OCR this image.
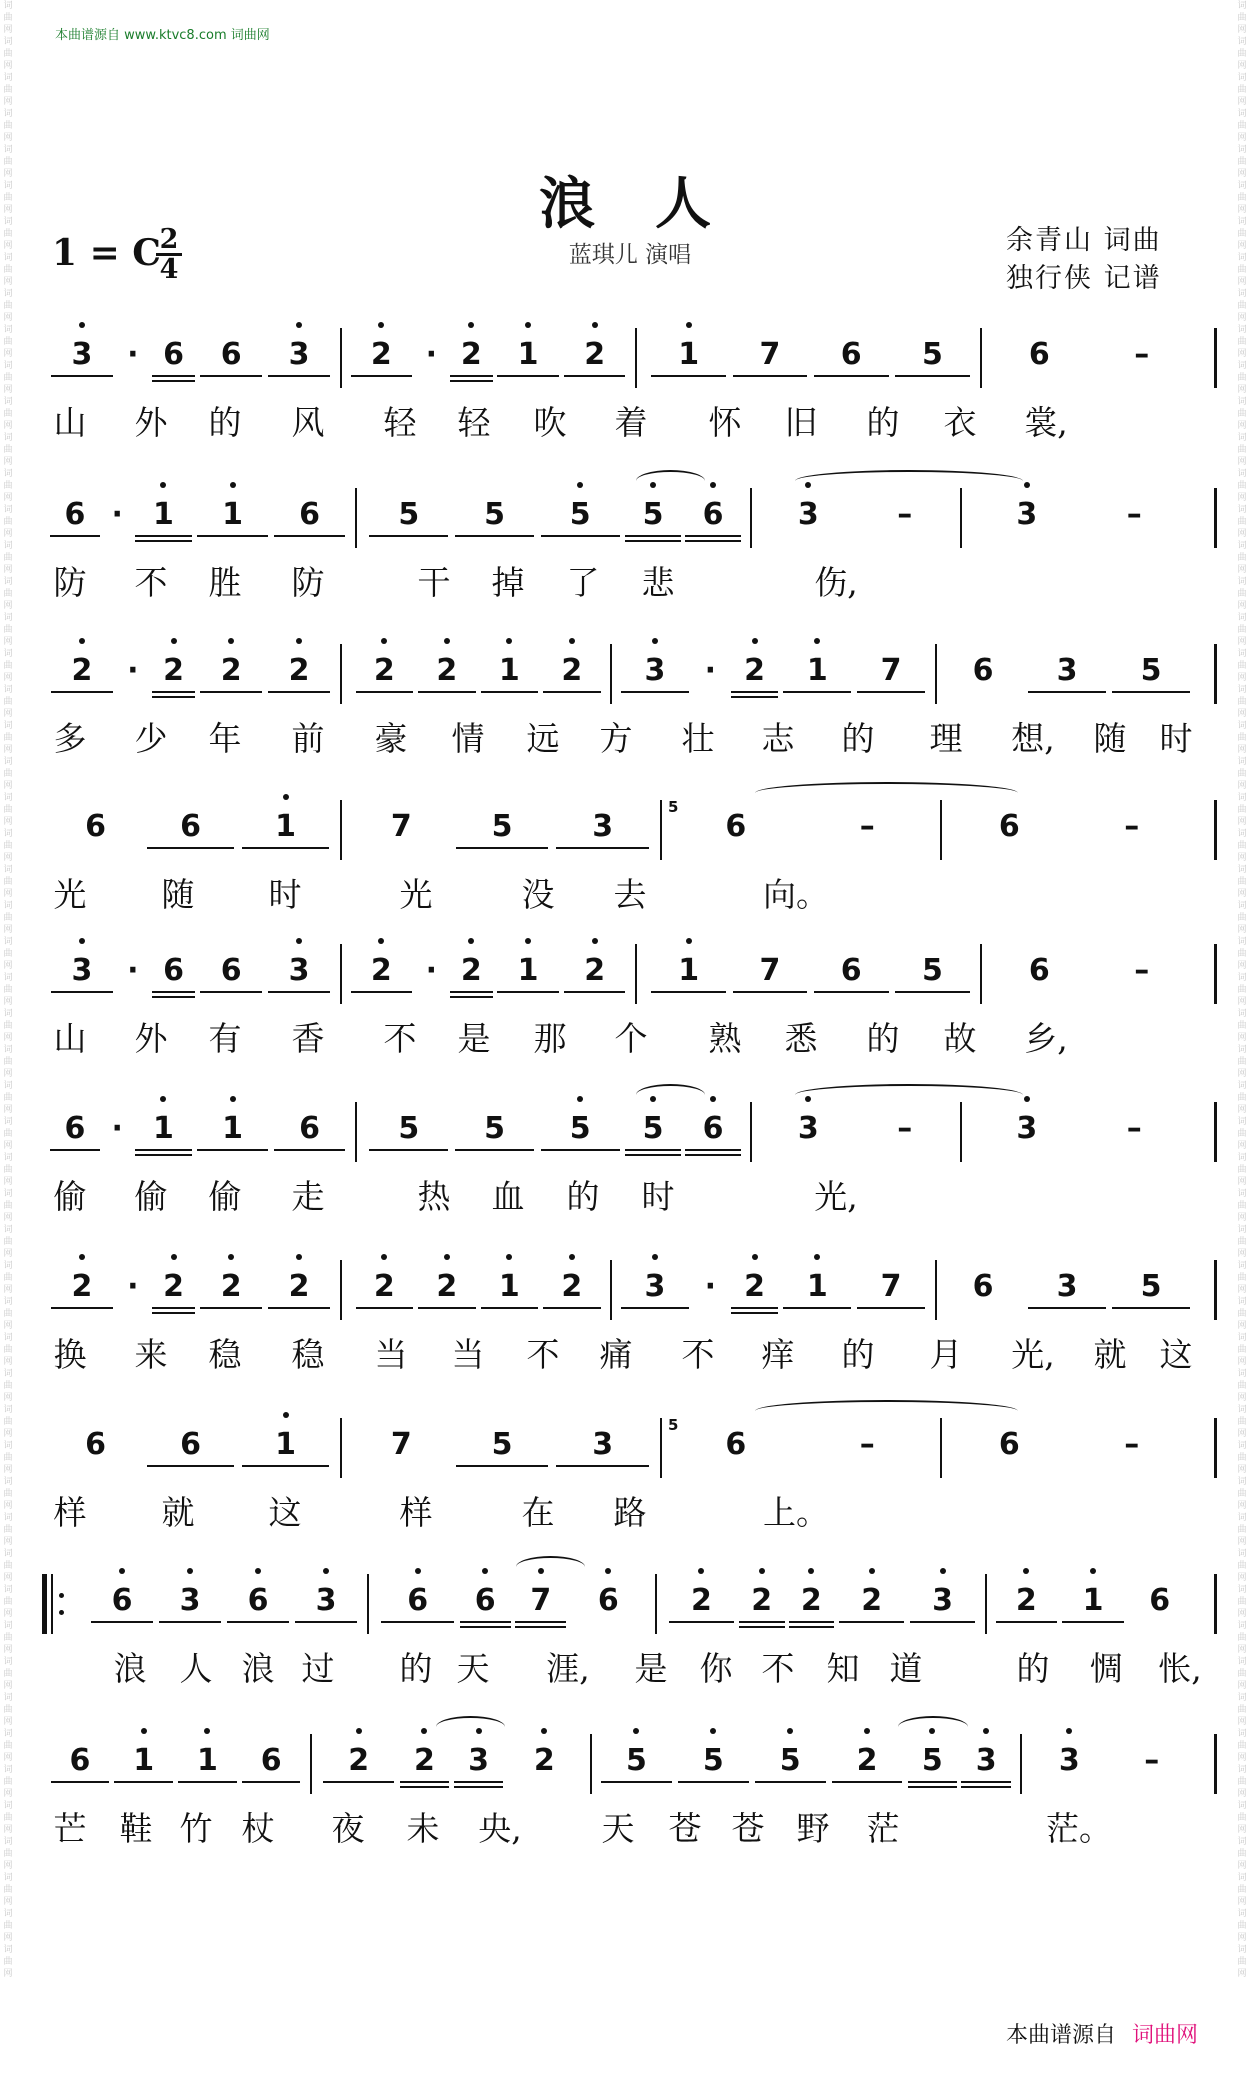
词曲网词曲网词曲网词曲网词曲网词曲网词曲网词曲网词曲网词曲网词曲网词曲网词曲网词曲网词曲网词曲网词曲网词曲网词曲网词曲网词曲网词曲网词曲网词曲网词曲网词曲网词曲网词曲网词曲网词曲网词曲网词曲网词曲网词曲网词曲网词曲网词曲网词曲网词曲网词曲网词曲网词曲网词曲网词曲网词曲网词曲网词曲网词曲网词曲网词曲网词曲网词曲网词曲网词曲网词曲网
词曲网词曲网词曲网词曲网词曲网词曲网词曲网词曲网词曲网词曲网词曲网词曲网词曲网词曲网词曲网词曲网词曲网词曲网词曲网词曲网词曲网词曲网词曲网词曲网词曲网词曲网词曲网词曲网词曲网词曲网词曲网词曲网词曲网词曲网词曲网词曲网词曲网词曲网词曲网词曲网词曲网词曲网词曲网词曲网词曲网词曲网词曲网词曲网词曲网词曲网词曲网词曲网词曲网词曲网词曲网
本曲谱源自 www.ktvc8.com 词曲网
浪人
1 = C
2
4	蓝琪儿 演唱	余青山 词曲
独行侠 记谱
3	· 6	6	3	2	· 2	1	2	1	7	6	5	6	–
山	外	的	风	轻	轻	吹	着	怀	旧	的	衣	裳,
6 ·	1	1	6	5	5	5	5	6	3	–	3	–
防	不	胜	防	干	掉	了	悲	伤,
2	· 2	2	2	2	2	1	2	3	· 2	1	7	6	3	5
多	少	年	前	豪	情	远	方	壮	志	的	理	想,	随	时
6	6	1	7	5	3	6	–	6	–
5
光	随	时	光	没	去	向。
3	· 6	6	3	2	· 2	1	2	1	7	6	5	6	–
山	外	有	香	不	是	那	个	熟	悉	的	故	乡,
6 ·	1	1	6	5	5	5	5	6	3	–	3	–
偷	偷	偷	走	热	血	的	时	光,
2	· 2	2	2	2	2	1	2	3	· 2	1	7	6	3	5
换	来	稳	稳	当	当	不	痛	不	痒	的	月	光,	就	这
6	6	1	7	5	3	6	–	6	–
5
样	就	这	样	在	路	上。
6	3	6	3	6	6	7	6	2	2 2	2	3	2	1	6
浪	人 浪 过	的 天	涯,	是 你 不 知 道	的	惆	怅,
6	1	1	6	2	2	3	2	5	5	5	2	5	3	3	–
芒	鞋 竹 杖	夜	未	央,	天	苍 苍 野	茫	茫。
本曲谱源自 词曲网
